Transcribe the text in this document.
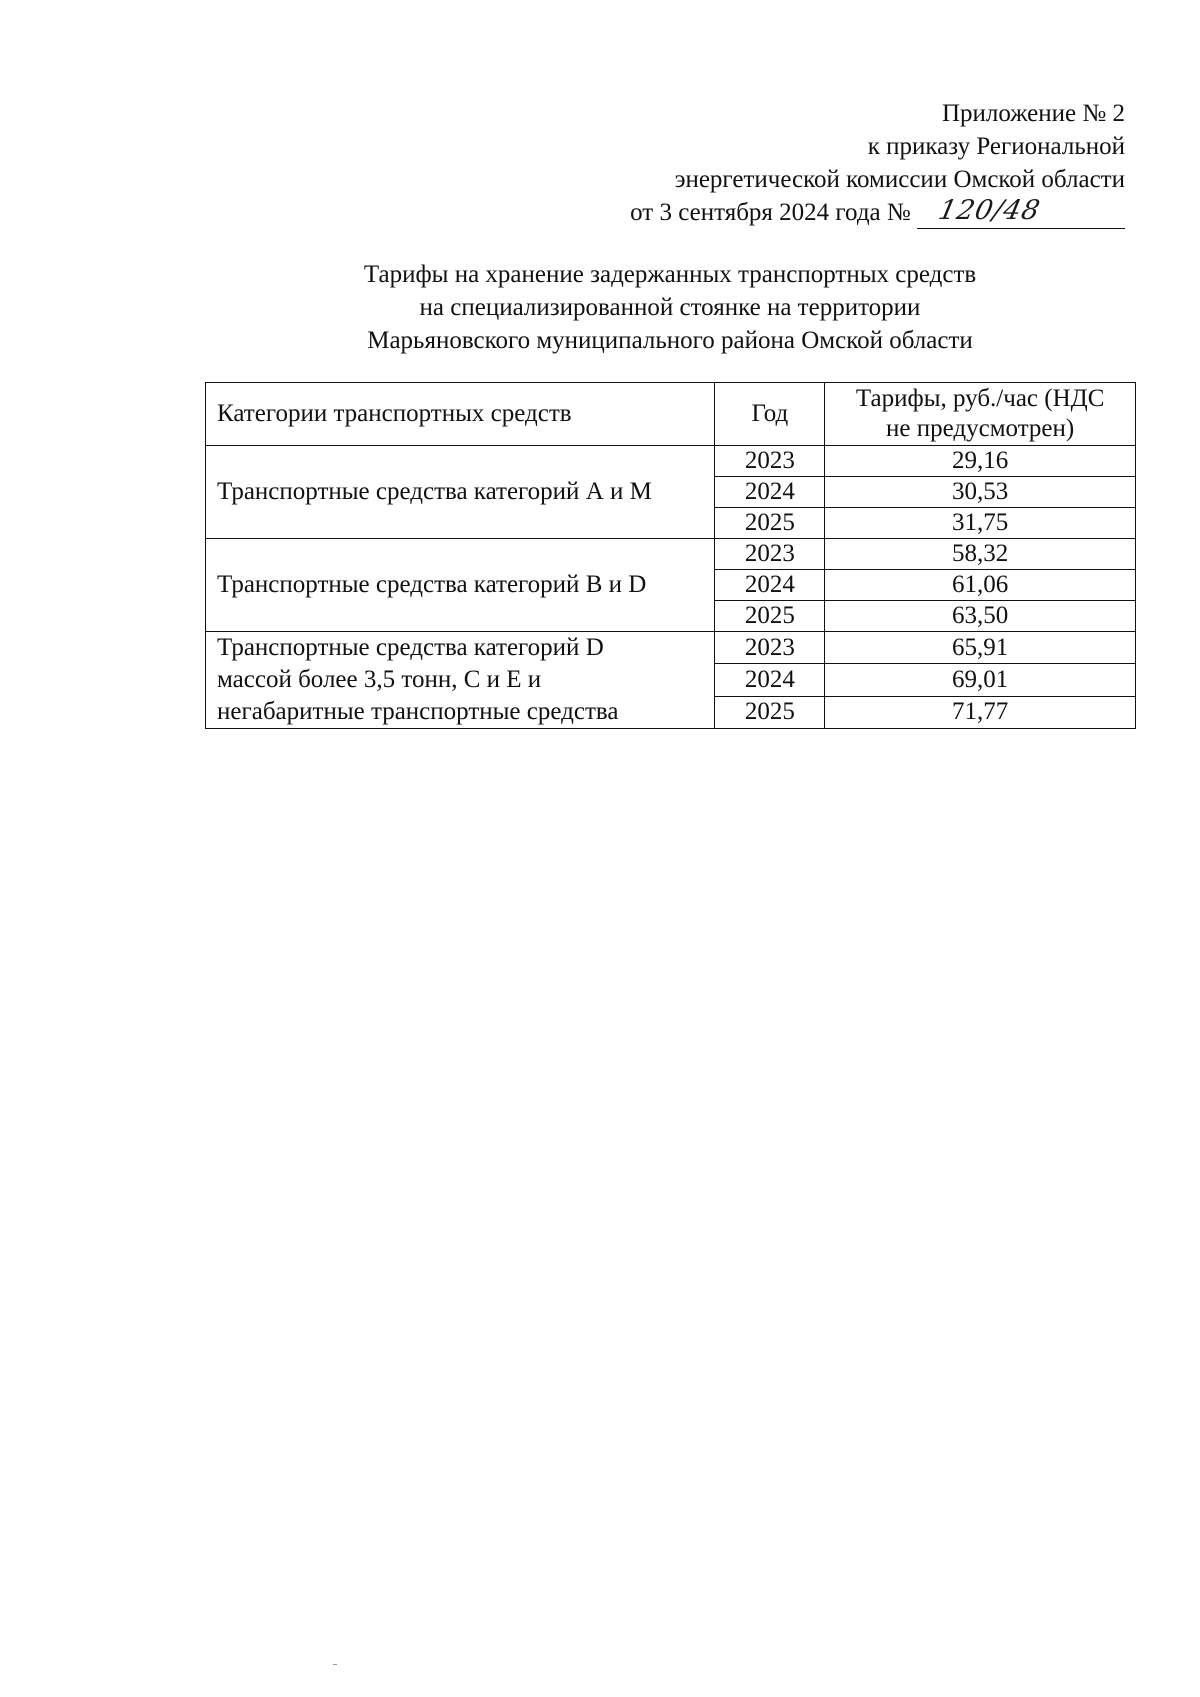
Приложение № 2
к приказу Региональной
энергетической комиссии Омской области
от 3 сентября 2024 года № 120/48
Тарифы на хранение задержанных транспортных средств
на специализированной стоянке на территории
Марьяновского муниципального района Омской области
Категории транспортных средств	Год	Тарифы, руб./час (НДС
не предусмотрен)
Транспортные средства категорий А и М	2023	29,16
	2024	30,53
	2025	31,75
Транспортные средства категорий В и D	2023	58,32
	2024	61,06
	2025	63,50
Транспортные средства категорий D
массой более 3,5 тонн, С и Е и
негабаритные транспортные средства	2023	65,91
	2024	69,01
	2025	71,77
